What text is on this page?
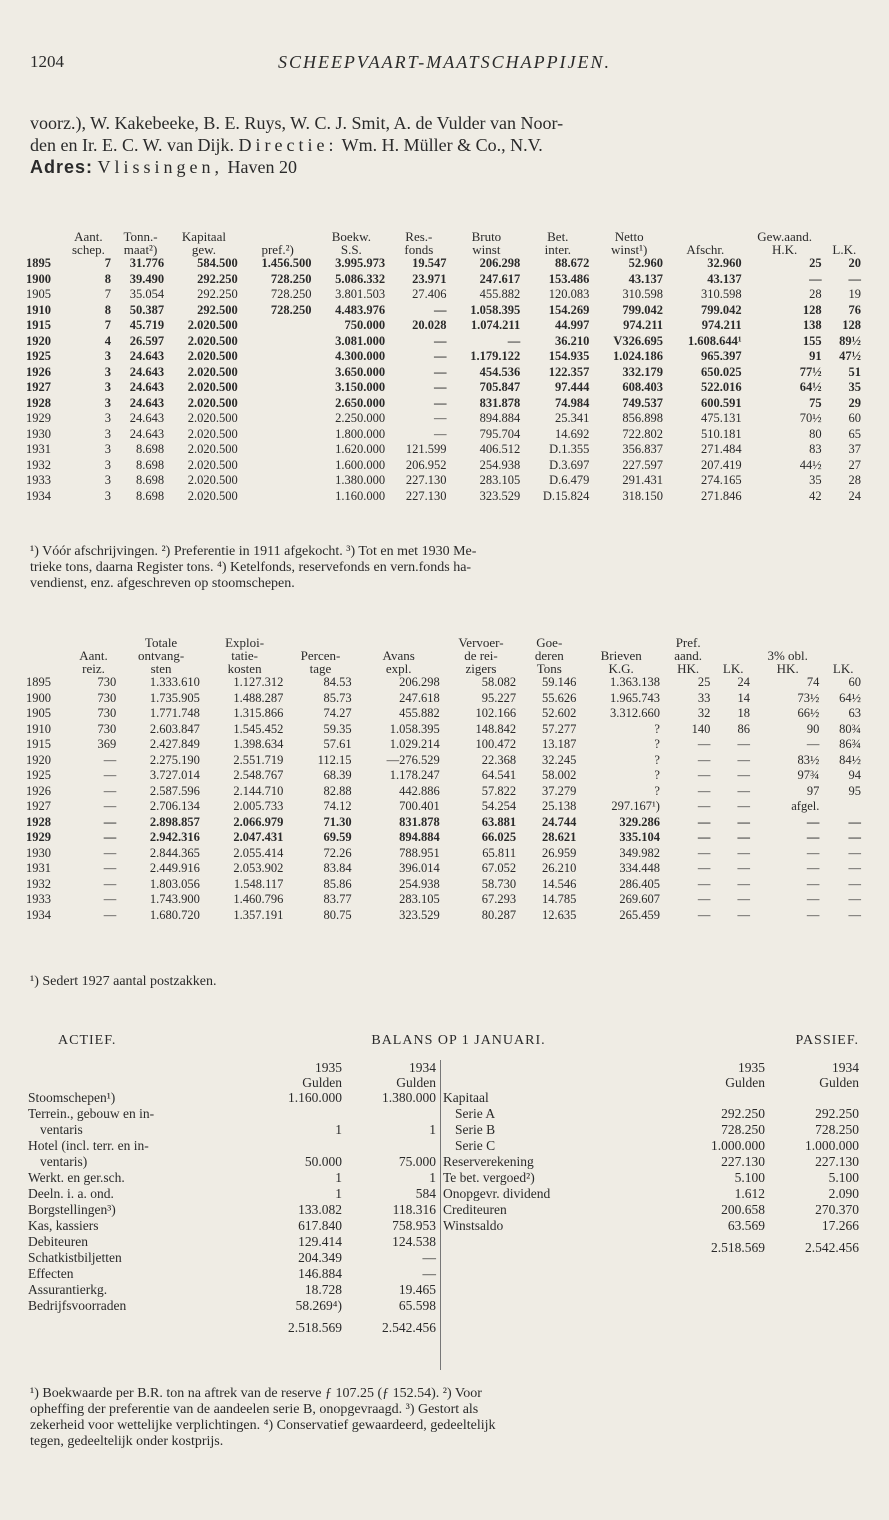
1204	SCHEEPVAART-MAATSCHAPPIJEN.

voorz.), W. Kakebeeke, B. E. Ruys, W. C. J. Smit, A. de Vulder van Noor-

den en Ir. E. C. W. van Dijk. Directie: Wm. H. Müller & Co., N.V.

Adres: Vlissingen, Haven 20

	Aant.	Tonn.-	Kapitaal		Boekw.	Res.-	Bruto	Bet.	Netto		Gew.aand.	
	schep.	maat²)	gew.	pref.²)	S.S.	fonds	winst	inter.	winst¹)	Afschr.	H.K.	L.K.
1895	7	31.776	584.500	1.456.500	3.995.973	19.547	206.298	88.672	52.960	32.960	25	20
1900	8	39.490	292.250	728.250	5.086.332	23.971	247.617	153.486	43.137	43.137	—	—
1905	7	35.054	292.250	728.250	3.801.503	27.406	455.882	120.083	310.598	310.598	28	19
1910	8	50.387	292.500	728.250	4.483.976	—	1.058.395	154.269	799.042	799.042	128	76
1915	7	45.719	2.020.500		750.000	20.028	1.074.211	44.997	974.211	974.211	138	128
1920	4	26.597	2.020.500		3.081.000	—	—	36.210	V326.695	1.608.644¹	155	89½
1925	3	24.643	2.020.500		4.300.000	—	1.179.122	154.935	1.024.186	965.397	91	47½
1926	3	24.643	2.020.500		3.650.000	—	454.536	122.357	332.179	650.025	77½	51
1927	3	24.643	2.020.500		3.150.000	—	705.847	97.444	608.403	522.016	64½	35
1928	3	24.643	2.020.500		2.650.000	—	831.878	74.984	749.537	600.591	75	29
1929	3	24.643	2.020.500		2.250.000	—	894.884	25.341	856.898	475.131	70½	60
1930	3	24.643	2.020.500		1.800.000	—	795.704	14.692	722.802	510.181	80	65
1931	3	8.698	2.020.500		1.620.000	121.599	406.512	D.1.355	356.837	271.484	83	37
1932	3	8.698	2.020.500		1.600.000	206.952	254.938	D.3.697	227.597	207.419	44½	27
1933	3	8.698	2.020.500		1.380.000	227.130	283.105	D.6.479	291.431	274.165	35	28
1934	3	8.698	2.020.500		1.160.000	227.130	323.529	D.15.824	318.150	271.846	42	24

¹) Vóór afschrijvingen. ²) Preferentie in 1911 afgekocht. ³) Tot en met 1930 Me-

trieke tons, daarna Register tons. ⁴) Ketelfonds, reservefonds en vern.fonds ha-

vendienst, enz. afgeschreven op stoomschepen.

		Totale	Exploi-			Vervoer-	Goe-		Pref.			
	Aant.	ontvang-	tatie-	Percen-	Avans	de rei-	deren	Brieven	aand.		3% obl.	
	reiz.	sten	kosten	tage	expl.	zigers	Tons	K.G.	HK.	LK.	HK.	LK.
1895	730	1.333.610	1.127.312	84.53	206.298	58.082	59.146	1.363.138	25	24	74	60
1900	730	1.735.905	1.488.287	85.73	247.618	95.227	55.626	1.965.743	33	14	73½	64½
1905	730	1.771.748	1.315.866	74.27	455.882	102.166	52.602	3.312.660	32	18	66½	63
1910	730	2.603.847	1.545.452	59.35	1.058.395	148.842	57.277	?	140	86	90	80¾
1915	369	2.427.849	1.398.634	57.61	1.029.214	100.472	13.187	?	—	—	—	86¾
1920	—	2.275.190	2.551.719	112.15	—276.529	22.368	32.245	?	—	—	83½	84½
1925	—	3.727.014	2.548.767	68.39	1.178.247	64.541	58.002	?	—	—	97¾	94
1926	—	2.587.596	2.144.710	82.88	442.886	57.822	37.279	?	—	—	97	95
1927	—	2.706.134	2.005.733	74.12	700.401	54.254	25.138	297.167¹)	—	—	afgel.	
1928	—	2.898.857	2.066.979	71.30	831.878	63.881	24.744	329.286	—	—	—	—
1929	—	2.942.316	2.047.431	69.59	894.884	66.025	28.621	335.104	—	—	—	—
1930	—	2.844.365	2.055.414	72.26	788.951	65.811	26.959	349.982	—	—	—	—
1931	—	2.449.916	2.053.902	83.84	396.014	67.052	26.210	334.448	—	—	—	—
1932	—	1.803.056	1.548.117	85.86	254.938	58.730	14.546	286.405	—	—	—	—
1933	—	1.743.900	1.460.796	83.77	283.105	67.293	14.785	269.607	—	—	—	—
1934	—	1.680.720	1.357.191	80.75	323.529	80.287	12.635	265.459	—	—	—	—

¹) Sedert 1927 aantal postzakken.

ACTIEF.	BALANS OP 1 JANUARI.	PASSIEF.
	1935	1934
	Gulden	Gulden
Stoomschepen¹)	1.160.000	1.380.000
Terrein., gebouw en in-		
ventaris	1	1
Hotel (incl. terr. en in-		
ventaris)	50.000	75.000
Werkt. en ger.sch.	1	1
Deeln. i. a. ond.	1	584
Borgstellingen³)	133.082	118.316
Kas, kassiers	617.840	758.953
Debiteuren	129.414	124.538
Schatkistbiljetten	204.349	—
Effecten	146.884	—
Assurantierkg.	18.728	19.465
Bedrijfsvoorraden	58.269⁴)	65.598
	2.518.569	2.542.456
	1935	1934
	Gulden	Gulden
Kapitaal		
Serie A	292.250	292.250
Serie B	728.250	728.250
Serie C	1.000.000	1.000.000
Reserverekening	227.130	227.130
Te bet. vergoed²)	5.100	5.100
Onopgevr. dividend	1.612	2.090
Crediteuren	200.658	270.370
Winstsaldo	63.569	17.266
	2.518.569	2.542.456

¹) Boekwaarde per B.R. ton na aftrek van de reserve ƒ 107.25 (ƒ 152.54). ²) Voor

opheffing der preferentie van de aandeelen serie B, onopgevraagd. ³) Gestort als

zekerheid voor wettelijke verplichtingen. ⁴) Conservatief gewaardeerd, gedeeltelijk

tegen, gedeeltelijk onder kostprijs.
